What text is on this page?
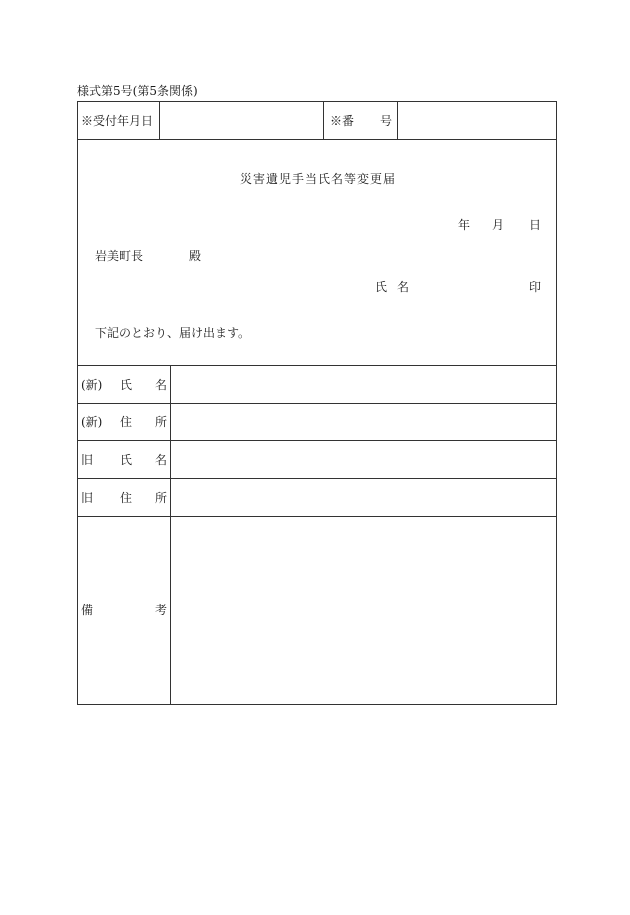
様式第5号(第5条関係)
※受付年月日	※番 号
災害遺児手当氏名等変更届
年 月 日
岩美町長	殿
氏 名	印
下記のとおり、届け出ます。
(新) 氏 名
(新) 住 所
旧 氏 名
旧 住 所
備	考
